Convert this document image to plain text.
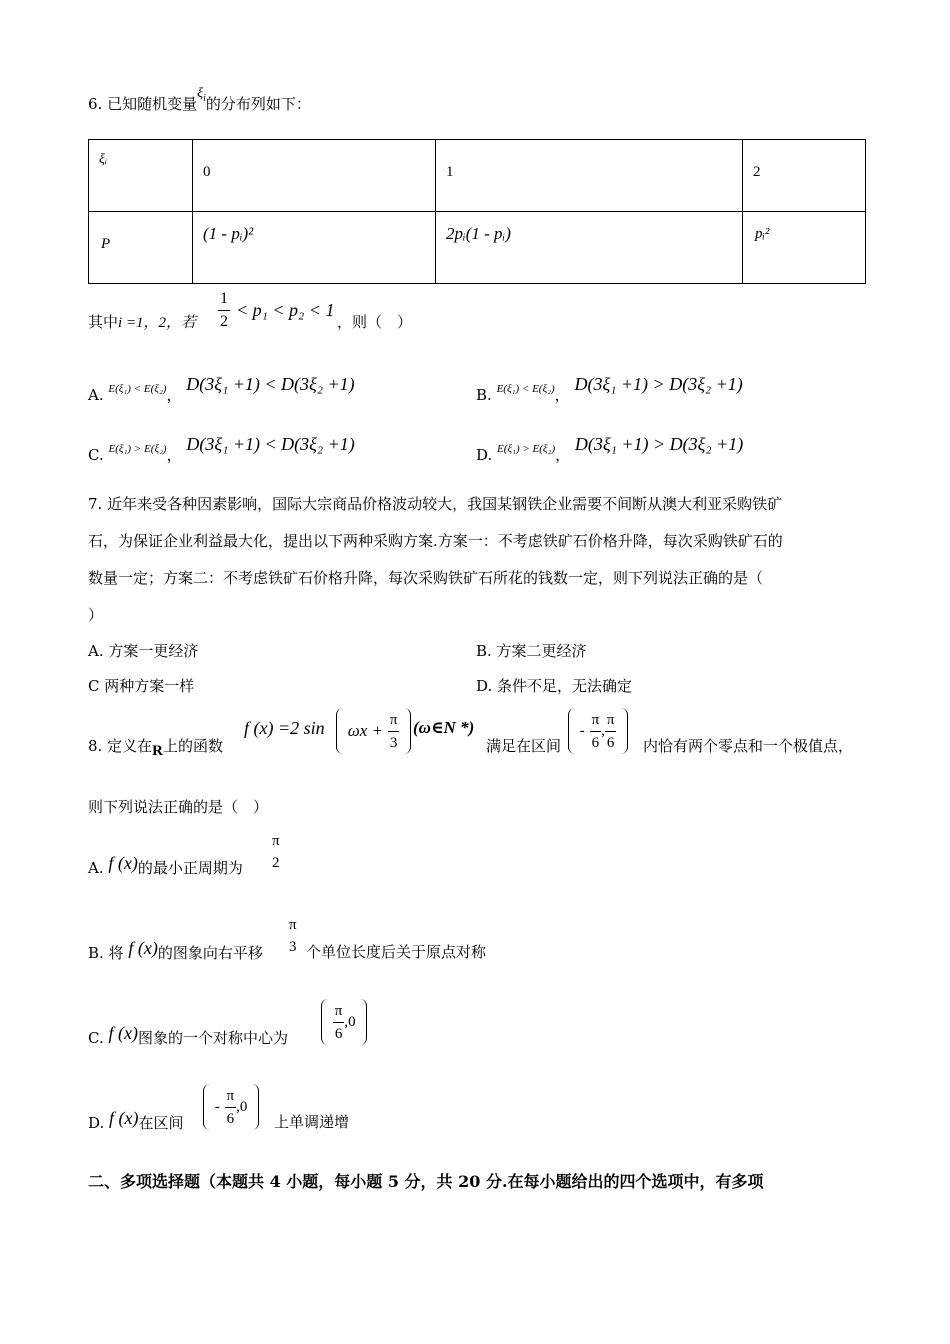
6. 已知随机变量$\xi_i$的分布列如下：
ξᵢ	0	1	2

P	(1 - pᵢ)²	2pᵢ(1 - pᵢ)	pᵢ²
其中i =1，2，若 $\frac{1}{2} < p_1 < p_2 < 1$
，则（　）
A. $^{E(\xi_1) < E(\xi_2)}$， D(3ξ₁ +1) < D(3ξ₂ +1)
B. $^{E(\xi_1) < E(\xi_2)}$， D(3ξ₁ +1) > D(3ξ₂ +1)
C. $^{E(\xi_1) > E(\xi_2)}$， D(3ξ₁ +1) < D(3ξ₂ +1)
D. $^{E(\xi_1) > E(\xi_2)}$， D(3ξ₁ +1) > D(3ξ₂ +1)
7. 近年来受各种因素影响，国际大宗商品价格波动较大，我国某钢铁企业需要不间断从澳大利亚采购铁矿
石，为保证企业利益最大化，提出以下两种采购方案.方案一：不考虑铁矿石价格升降，每次采购铁矿石的
数量一定；方案二：不考虑铁矿石价格升降，每次采购铁矿石所花的钱数一定，则下列说法正确的是（
）
A. 方案一更经济	B. 方案二更经济
C 两种方案一样	D. 条件不足，无法确定
8. 定义在R上的函数
f (x) =2 sin	$\omega x + \frac{\pi}{3}$
(ω∈N *)
满足在区间
- $\frac{\pi}{6}$ , $\frac{\pi}{6}$
内恰有两个零点和一个极值点，
则下列说法正确的是（　）
A. f (x)的最小正周期为
π
2
B. 将 f (x)的图象向右平移
π
3 个单位长度后关于原点对称
C. f (x)图象的一个对称中心为
	$\frac{\pi}{6} ,0$
D. f (x)在区间
- $\frac{\pi}{6} ,0$
上单调递增
二、多项选择题（本题共 4 小题，每小题 5 分，共 20 分.在每小题给出的四个选项中，有多项
